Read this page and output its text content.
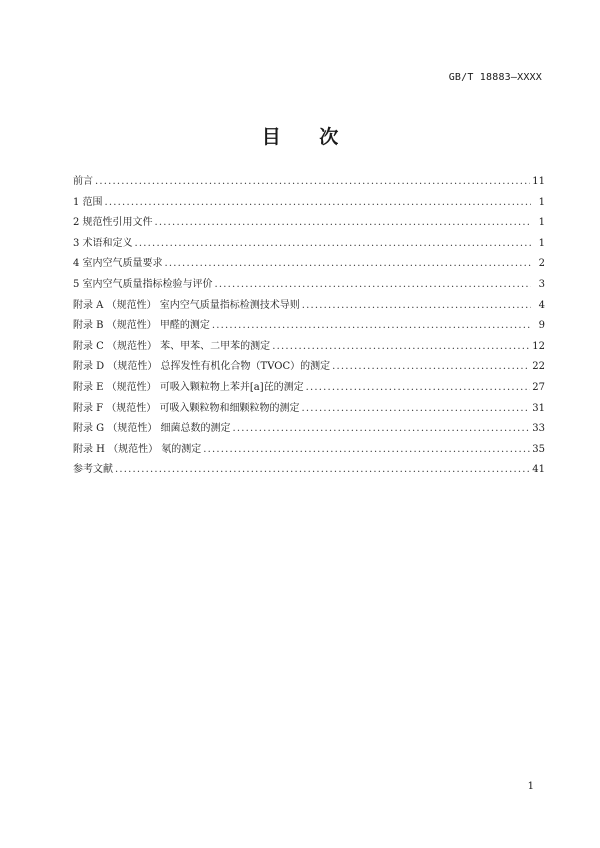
GB/T 18883—XXXX
目 次
前言 .....	11
1 范围 .....	1
2 规范性引用文件 .....	1
3 术语和定义 .....	1
4 室内空气质量要求 .....	2
5 室内空气质量指标检验与评价 .....	3
附录 A （规范性） 室内空气质量指标检测技术导则 .....	4
附录 B （规范性） 甲醛的测定 .....	9
附录 C （规范性） 苯、甲苯、二甲苯的测定 .....	12
附录 D （规范性） 总挥发性有机化合物（TVOC）的测定 .....	22
附录 E （规范性） 可吸入颗粒物上苯并[a]芘的测定 .....	27
附录 F （规范性） 可吸入颗粒物和细颗粒物的测定 .....	31
附录 G （规范性） 细菌总数的测定 .....	33
附录 H （规范性） 氡的测定 .....	35
参考文献 .....	41
1
